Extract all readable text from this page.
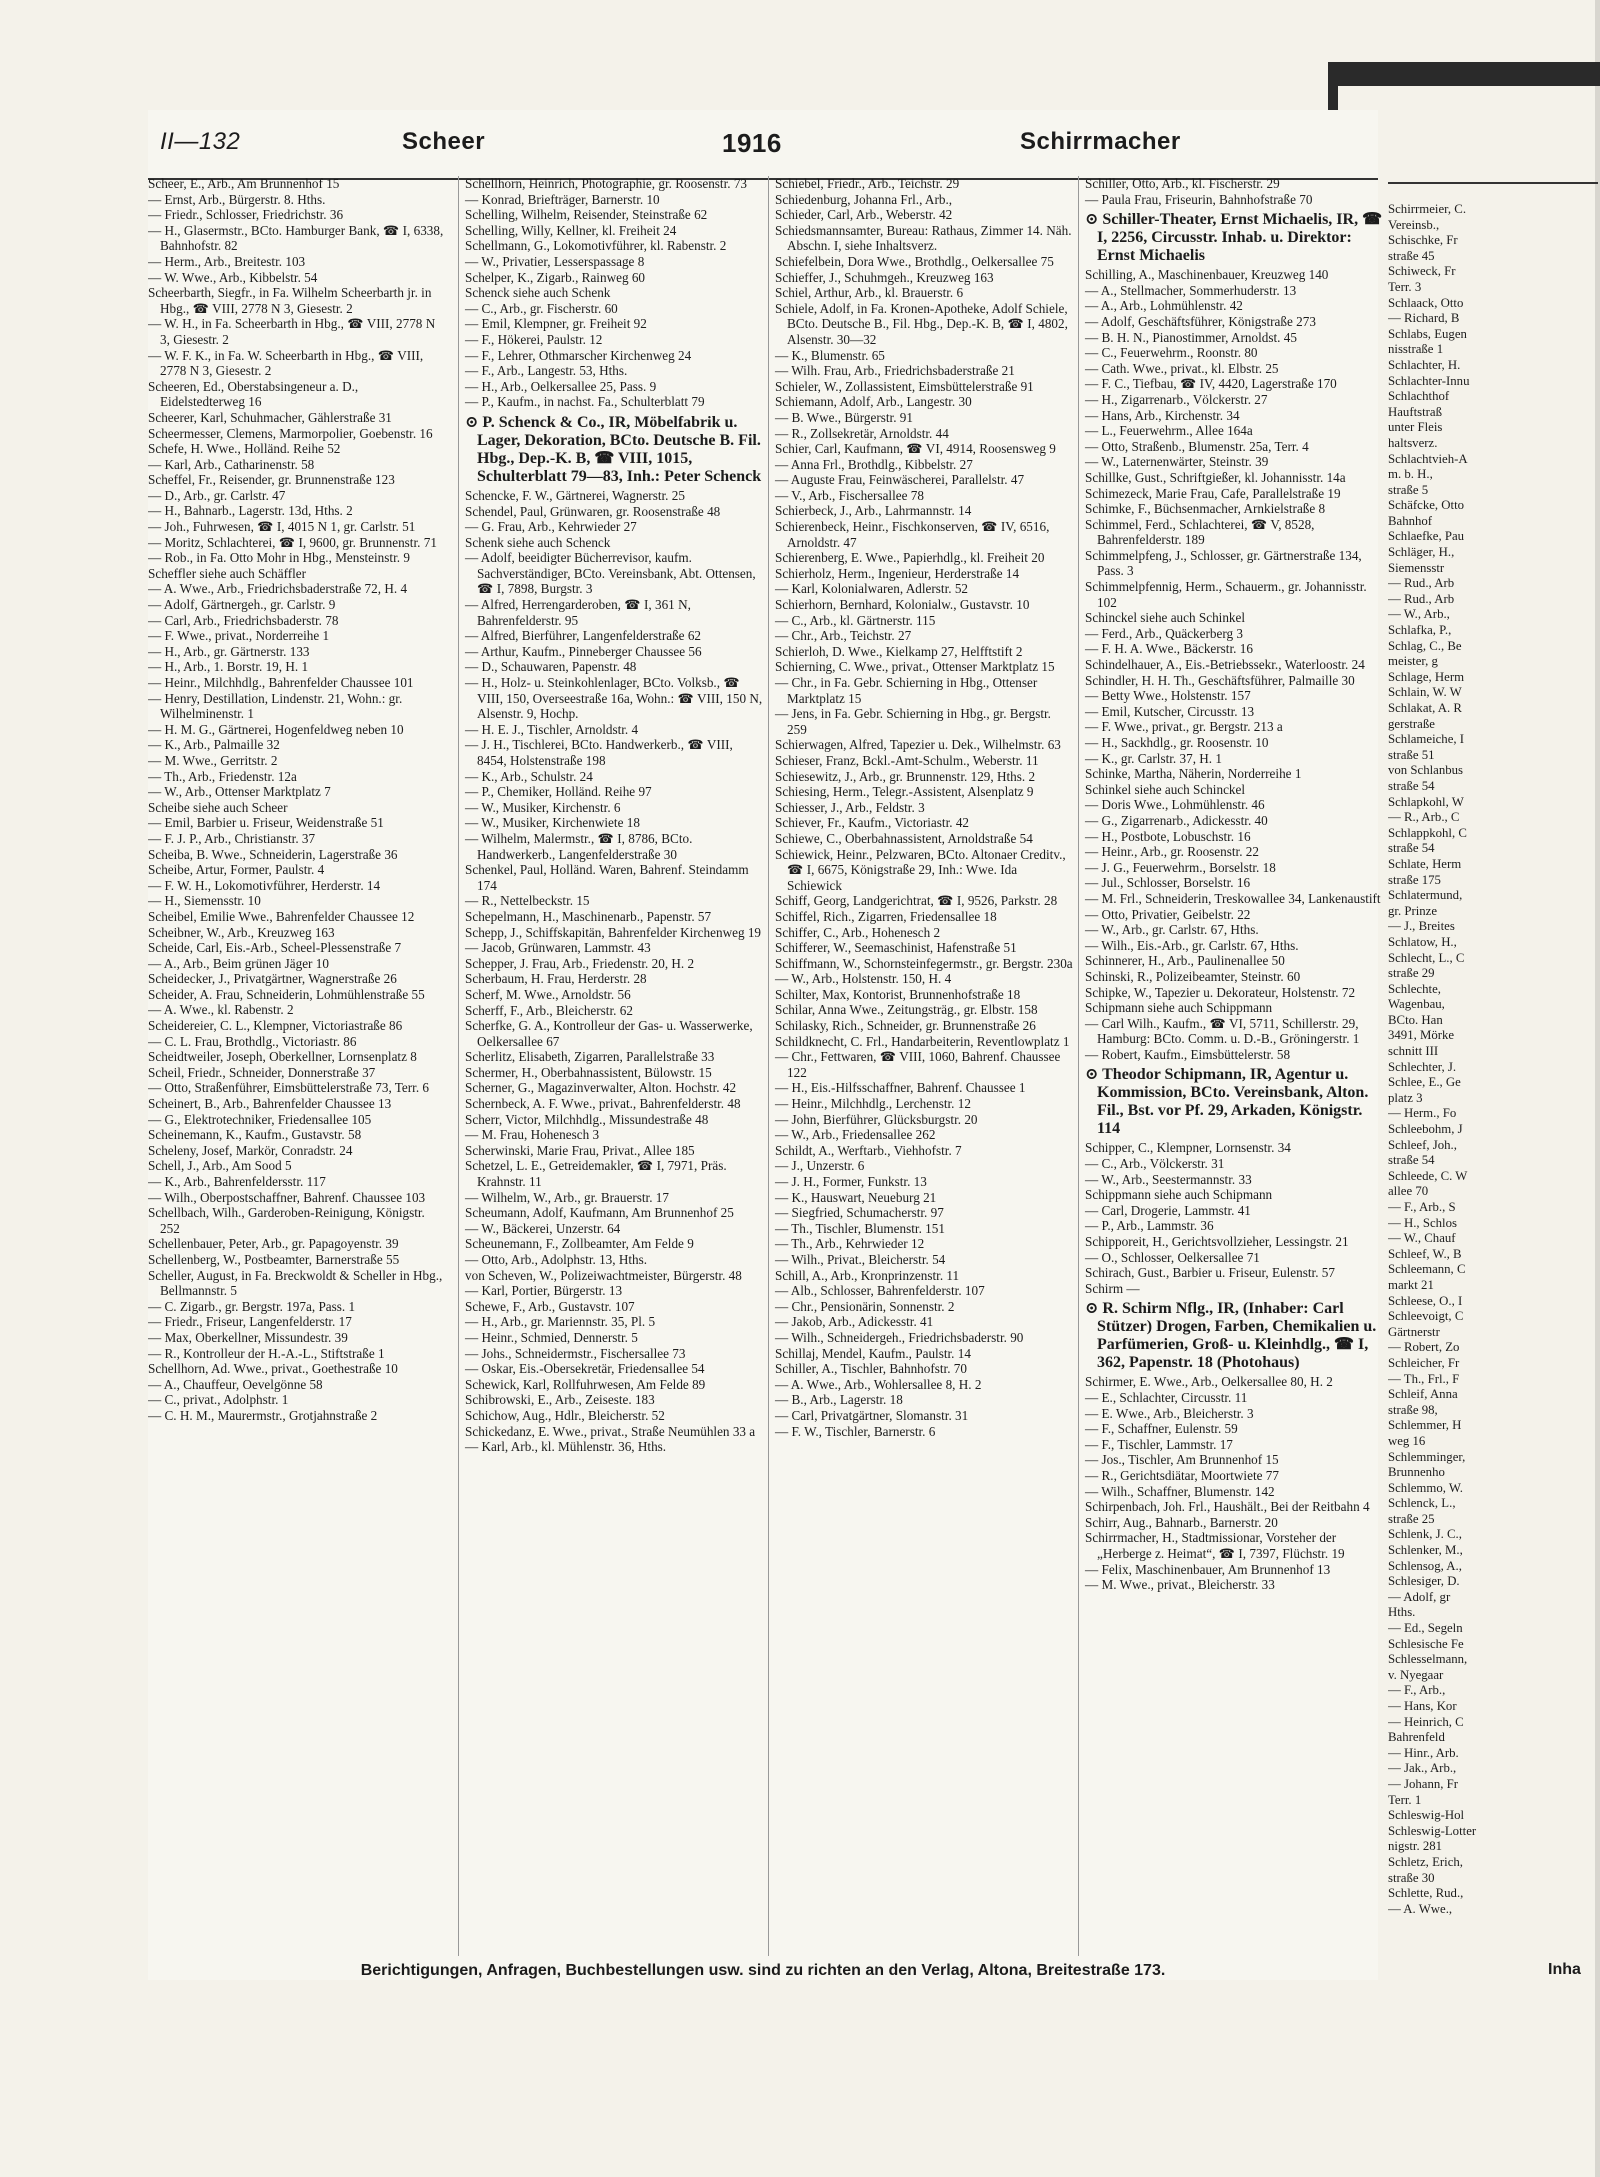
II—132	Scheer	1916	Schirrmacher
Scheer, E., Arb., Am Brunnenhof 15
— Ernst, Arb., Bürgerstr. 8. Hths.
— Friedr., Schlosser, Friedrichstr. 36
— H., Glasermstr., BCto. Hamburger Bank, ☎ I, 6338, Bahnhofstr. 82
— Herm., Arb., Breitestr. 103
— W. Wwe., Arb., Kibbelstr. 54
Scheerbarth, Siegfr., in Fa. Wilhelm Scheerbarth jr. in Hbg., ☎ VIII, 2778 N 3, Giesestr. 2
— W. H., in Fa. Scheerbarth in Hbg., ☎ VIII, 2778 N 3, Giesestr. 2
— W. F. K., in Fa. W. Scheerbarth in Hbg., ☎ VIII, 2778 N 3, Giesestr. 2
Scheeren, Ed., Oberstabsingeneur a. D., Eidelstedterweg 16
Scheerer, Karl, Schuhmacher, Gählerstraße 31
Scheermesser, Clemens, Marmorpolier, Goebenstr. 16
Schefe, H. Wwe., Holländ. Reihe 52
— Karl, Arb., Catharinenstr. 58
Scheffel, Fr., Reisender, gr. Brunnenstraße 123
— D., Arb., gr. Carlstr. 47
— H., Bahnarb., Lagerstr. 13d, Hths. 2
— Joh., Fuhrwesen, ☎ I, 4015 N 1, gr. Carlstr. 51
— Moritz, Schlachterei, ☎ I, 9600, gr. Brunnenstr. 71
— Rob., in Fa. Otto Mohr in Hbg., Mensteinstr. 9
Scheffler siehe auch Schäffler
— A. Wwe., Arb., Friedrichsbaderstraße 72, H. 4
— Adolf, Gärtnergeh., gr. Carlstr. 9
— Carl, Arb., Friedrichsbaderstr. 78
— F. Wwe., privat., Norderreihe 1
— H., Arb., gr. Gärtnerstr. 133
— H., Arb., 1. Borstr. 19, H. 1
— Heinr., Milchhdlg., Bahrenfelder Chaussee 101
— Henry, Destillation, Lindenstr. 21, Wohn.: gr. Wilhelminenstr. 1
— H. M. G., Gärtnerei, Hogenfeldweg neben 10
— K., Arb., Palmaille 32
— M. Wwe., Gerritstr. 2
— Th., Arb., Friedenstr. 12a
— W., Arb., Ottenser Marktplatz 7
Scheibe siehe auch Scheer
— Emil, Barbier u. Friseur, Weidenstraße 51
— F. J. P., Arb., Christianstr. 37
Scheiba, B. Wwe., Schneiderin, Lagerstraße 36
Scheibe, Artur, Former, Paulstr. 4
— F. W. H., Lokomotivführer, Herderstr. 14
— H., Siemensstr. 10
Scheibel, Emilie Wwe., Bahrenfelder Chaussee 12
Scheibner, W., Arb., Kreuzweg 163
Scheide, Carl, Eis.-Arb., Scheel-Plessenstraße 7
— A., Arb., Beim grünen Jäger 10
Scheidecker, J., Privatgärtner, Wagnerstraße 26
Scheider, A. Frau, Schneiderin, Lohmühlenstraße 55
— A. Wwe., kl. Rabenstr. 2
Scheidereier, C. L., Klempner, Victoriastraße 86
— C. L. Frau, Brothdlg., Victoriastr. 86
Scheidtweiler, Joseph, Oberkellner, Lornsenplatz 8
Scheil, Friedr., Schneider, Donnerstraße 37
— Otto, Straßenführer, Eimsbüttelerstraße 73, Terr. 6
Scheinert, B., Arb., Bahrenfelder Chaussee 13
— G., Elektrotechniker, Friedensallee 105
Scheinemann, K., Kaufm., Gustavstr. 58
Scheleny, Josef, Markör, Conradstr. 24
Schell, J., Arb., Am Sood 5
— K., Arb., Bahrenfeldersstr. 117
— Wilh., Oberpostschaffner, Bahrenf. Chaussee 103
Schellbach, Wilh., Garderoben-Reinigung, Königstr. 252
Schellenbauer, Peter, Arb., gr. Papagoyenstr. 39
Schellenberg, W., Postbeamter, Barnerstraße 55
Scheller, August, in Fa. Breckwoldt & Scheller in Hbg., Bellmannstr. 5
— C. Zigarb., gr. Bergstr. 197a, Pass. 1
— Friedr., Friseur, Langenfelderstr. 17
— Max, Oberkellner, Missundestr. 39
— R., Kontrolleur der H.-A.-L., Stiftstraße 1
Schellhorn, Ad. Wwe., privat., Goethestraße 10
— A., Chauffeur, Oevelgönne 58
— C., privat., Adolphstr. 1
— C. H. M., Maurermstr., Grotjahnstraße 2
Schellhorn, Heinrich, Photographie, gr. Roosenstr. 73
— Konrad, Briefträger, Barnerstr. 10
Schelling, Wilhelm, Reisender, Steinstraße 62
Schelling, Willy, Kellner, kl. Freiheit 24
Schellmann, G., Lokomotivführer, kl. Rabenstr. 2
— W., Privatier, Lesserspassage 8
Schelper, K., Zigarb., Rainweg 60
Schenck siehe auch Schenk
— C., Arb., gr. Fischerstr. 60
— Emil, Klempner, gr. Freiheit 92
— F., Hökerei, Paulstr. 12
— F., Lehrer, Othmarscher Kirchenweg 24
— F., Arb., Langestr. 53, Hths.
— H., Arb., Oelkersallee 25, Pass. 9
— P., Kaufm., in nachst. Fa., Schulterblatt 79
⊙ P. Schenck & Co., IR, Möbelfabrik u. Lager, Dekoration, BCto. Deutsche B. Fil. Hbg., Dep.-K. B, ☎ VIII, 1015, Schulterblatt 79—83, Inh.: Peter Schenck
Schencke, F. W., Gärtnerei, Wagnerstr. 25
Schendel, Paul, Grünwaren, gr. Roosenstraße 48
— G. Frau, Arb., Kehrwieder 27
Schenk siehe auch Schenck
— Adolf, beeidigter Bücherrevisor, kaufm. Sachverständiger, BCto. Vereinsbank, Abt. Ottensen, ☎ I, 7898, Burgstr. 3
— Alfred, Herrengarderoben, ☎ I, 361 N, Bahrenfelderstr. 95
— Alfred, Bierführer, Langenfelderstraße 62
— Arthur, Kaufm., Pinneberger Chaussee 56
— D., Schauwaren, Papenstr. 48
— H., Holz- u. Steinkohlenlager, BCto. Volksb., ☎ VIII, 150, Overseestraße 16a, Wohn.: ☎ VIII, 150 N, Alsenstr. 9, Hochp.
— H. E. J., Tischler, Arnoldstr. 4
— J. H., Tischlerei, BCto. Handwerkerb., ☎ VIII, 8454, Holstenstraße 198
— K., Arb., Schulstr. 24
— P., Chemiker, Holländ. Reihe 97
— W., Musiker, Kirchenstr. 6
— W., Musiker, Kirchenwiete 18
— Wilhelm, Malermstr., ☎ I, 8786, BCto. Handwerkerb., Langenfelderstraße 30
Schenkel, Paul, Holländ. Waren, Bahrenf. Steindamm 174
— R., Nettelbeckstr. 15
Schepelmann, H., Maschinenarb., Papenstr. 57
Schepp, J., Schiffskapitän, Bahrenfelder Kirchenweg 19
— Jacob, Grünwaren, Lammstr. 43
Schepper, J. Frau, Arb., Friedenstr. 20, H. 2
Scherbaum, H. Frau, Herderstr. 28
Scherf, M. Wwe., Arnoldstr. 56
Scherff, F., Arb., Bleicherstr. 62
Scherfke, G. A., Kontrolleur der Gas- u. Wasserwerke, Oelkersallee 67
Scherlitz, Elisabeth, Zigarren, Parallelstraße 33
Schermer, H., Oberbahnassistent, Bülowstr. 15
Scherner, G., Magazinverwalter, Alton. Hochstr. 42
Schernbeck, A. F. Wwe., privat., Bahrenfelderstr. 48
Scherr, Victor, Milchhdlg., Missundestraße 48
— M. Frau, Hohenesch 3
Scherwinski, Marie Frau, Privat., Allee 185
Schetzel, L. E., Getreidemakler, ☎ I, 7971, Präs. Krahnstr. 11
— Wilhelm, W., Arb., gr. Brauerstr. 17
Scheumann, Adolf, Kaufmann, Am Brunnenhof 25
— W., Bäckerei, Unzerstr. 64
Scheunemann, F., Zollbeamter, Am Felde 9
— Otto, Arb., Adolphstr. 13, Hths.
von Scheven, W., Polizeiwachtmeister, Bürgerstr. 48
— Karl, Portier, Bürgerstr. 13
Schewe, F., Arb., Gustavstr. 107
— H., Arb., gr. Mariennstr. 35, Pl. 5
— Heinr., Schmied, Dennerstr. 5
— Johs., Schneidermstr., Fischersallee 73
— Oskar, Eis.-Obersekretär, Friedensallee 54
Schewick, Karl, Rollfuhrwesen, Am Felde 89
Schibrowski, E., Arb., Zeiseste. 183
Schichow, Aug., Hdlr., Bleicherstr. 52
Schickedanz, E. Wwe., privat., Straße Neumühlen 33 a
— Karl, Arb., kl. Mühlenstr. 36, Hths.
Schiebel, Friedr., Arb., Teichstr. 29
Schiedenburg, Johanna Frl., Arb.,
Schieder, Carl, Arb., Weberstr. 42
Schiedsmannsamter, Bureau: Rathaus, Zimmer 14. Näh. Abschn. I, siehe Inhaltsverz.
Schiefelbein, Dora Wwe., Brothdlg., Oelkersallee 75
Schieffer, J., Schuhmgeh., Kreuzweg 163
Schiel, Arthur, Arb., kl. Brauerstr. 6
Schiele, Adolf, in Fa. Kronen-Apotheke, Adolf Schiele, BCto. Deutsche B., Fil. Hbg., Dep.-K. B, ☎ I, 4802, Alsenstr. 30—32
— K., Blumenstr. 65
— Wilh. Frau, Arb., Friedrichsbaderstraße 21
Schieler, W., Zollassistent, Eimsbüttelerstraße 91
Schiemann, Adolf, Arb., Langestr. 30
— B. Wwe., Bürgerstr. 91
— R., Zollsekretär, Arnoldstr. 44
Schier, Carl, Kaufmann, ☎ VI, 4914, Roosensweg 9
— Anna Frl., Brothdlg., Kibbelstr. 27
— Auguste Frau, Feinwäscherei, Parallelstr. 47
— V., Arb., Fischersallee 78
Schierbeck, J., Arb., Lahrmannstr. 14
Schierenbeck, Heinr., Fischkonserven, ☎ IV, 6516, Arnoldstr. 47
Schierenberg, E. Wwe., Papierhdlg., kl. Freiheit 20
Schierholz, Herm., Ingenieur, Herderstraße 14
— Karl, Kolonialwaren, Adlerstr. 52
Schierhorn, Bernhard, Kolonialw., Gustavstr. 10
— C., Arb., kl. Gärtnerstr. 115
— Chr., Arb., Teichstr. 27
Schierloh, D. Wwe., Kielkamp 27, Helfftstift 2
Schierning, C. Wwe., privat., Ottenser Marktplatz 15
— Chr., in Fa. Gebr. Schierning in Hbg., Ottenser Marktplatz 15
— Jens, in Fa. Gebr. Schierning in Hbg., gr. Bergstr. 259
Schierwagen, Alfred, Tapezier u. Dek., Wilhelmstr. 63
Schieser, Franz, Bckl.-Amt-Schulm., Weberstr. 11
Schiesewitz, J., Arb., gr. Brunnenstr. 129, Hths. 2
Schiesing, Herm., Telegr.-Assistent, Alsenplatz 9
Schiesser, J., Arb., Feldstr. 3
Schiever, Fr., Kaufm., Victoriastr. 42
Schiewe, C., Oberbahnassistent, Arnoldstraße 54
Schiewick, Heinr., Pelzwaren, BCto. Altonaer Creditv., ☎ I, 6675, Königstraße 29, Inh.: Wwe. Ida Schiewick
Schiff, Georg, Landgerichtrat, ☎ I, 9526, Parkstr. 28
Schiffel, Rich., Zigarren, Friedensallee 18
Schiffer, C., Arb., Hohenesch 2
Schifferer, W., Seemaschinist, Hafenstraße 51
Schiffmann, W., Schornsteinfegermstr., gr. Bergstr. 230a
— W., Arb., Holstenstr. 150, H. 4
Schilter, Max, Kontorist, Brunnenhofstraße 18
Schilar, Anna Wwe., Zeitungsträg., gr. Elbstr. 158
Schilasky, Rich., Schneider, gr. Brunnenstraße 26
Schildknecht, C. Frl., Handarbeiterin, Reventlowplatz 1
— Chr., Fettwaren, ☎ VIII, 1060, Bahrenf. Chaussee 122
— H., Eis.-Hilfsschaffner, Bahrenf. Chaussee 1
— Heinr., Milchhdlg., Lerchenstr. 12
— John, Bierführer, Glücksburgstr. 20
— W., Arb., Friedensallee 262
Schildt, A., Werftarb., Viehhofstr. 7
— J., Unzerstr. 6
— J. H., Former, Funkstr. 13
— K., Hauswart, Neueburg 21
— Siegfried, Schumacherstr. 97
— Th., Tischler, Blumenstr. 151
— Th., Arb., Kehrwieder 12
— Wilh., Privat., Bleicherstr. 54
Schill, A., Arb., Kronprinzenstr. 11
— Alb., Schlosser, Bahrenfelderstr. 107
— Chr., Pensionärin, Sonnenstr. 2
— Jakob, Arb., Adickesstr. 41
— Wilh., Schneidergeh., Friedrichsbaderstr. 90
Schillaj, Mendel, Kaufm., Paulstr. 14
Schiller, A., Tischler, Bahnhofstr. 70
— A. Wwe., Arb., Wohlersallee 8, H. 2
— B., Arb., Lagerstr. 18
— Carl, Privatgärtner, Slomanstr. 31
— F. W., Tischler, Barnerstr. 6
Schiller, Otto, Arb., kl. Fischerstr. 29
— Paula Frau, Friseurin, Bahnhofstraße 70
⊙ Schiller-Theater, Ernst Michaelis, IR, ☎ I, 2256, Circusstr. Inhab. u. Direktor: Ernst Michaelis
Schilling, A., Maschinenbauer, Kreuzweg 140
— A., Stellmacher, Sommerhuderstr. 13
— A., Arb., Lohmühlenstr. 42
— Adolf, Geschäftsführer, Königstraße 273
— B. H. N., Pianostimmer, Arnoldst. 45
— C., Feuerwehrm., Roonstr. 80
— Cath. Wwe., privat., kl. Elbstr. 25
— F. C., Tiefbau, ☎ IV, 4420, Lagerstraße 170
— H., Zigarrenarb., Völckerstr. 27
— Hans, Arb., Kirchenstr. 34
— L., Feuerwehrm., Allee 164a
— Otto, Straßenb., Blumenstr. 25a, Terr. 4
— W., Laternenwärter, Steinstr. 39
Schillke, Gust., Schriftgießer, kl. Johannisstr. 14a
Schimezeck, Marie Frau, Cafe, Parallelstraße 19
Schimke, F., Büchsenmacher, Arnkielstraße 8
Schimmel, Ferd., Schlachterei, ☎ V, 8528, Bahrenfelderstr. 189
Schimmelpfeng, J., Schlosser, gr. Gärtnerstraße 134, Pass. 3
Schimmelpfennig, Herm., Schauerm., gr. Johannisstr. 102
Schinckel siehe auch Schinkel
— Ferd., Arb., Quäckerberg 3
— F. H. A. Wwe., Bäckerstr. 16
Schindelhauer, A., Eis.-Betriebssekr., Waterloostr. 24
Schindler, H. H. Th., Geschäftsführer, Palmaille 30
— Betty Wwe., Holstenstr. 157
— Emil, Kutscher, Circusstr. 13
— F. Wwe., privat., gr. Bergstr. 213 a
— H., Sackhdlg., gr. Roosenstr. 10
— K., gr. Carlstr. 37, H. 1
Schinke, Martha, Näherin, Norderreihe 1
Schinkel siehe auch Schinckel
— Doris Wwe., Lohmühlenstr. 46
— G., Zigarrenarb., Adickesstr. 40
— H., Postbote, Lobuschstr. 16
— Heinr., Arb., gr. Roosenstr. 22
— J. G., Feuerwehrm., Borselstr. 18
— Jul., Schlosser, Borselstr. 16
— M. Frl., Schneiderin, Treskowallee 34, Lankenaustift
— Otto, Privatier, Geibelstr. 22
— W., Arb., gr. Carlstr. 67, Hths.
— Wilh., Eis.-Arb., gr. Carlstr. 67, Hths.
Schinnerer, H., Arb., Paulinenallee 50
Schinski, R., Polizeibeamter, Steinstr. 60
Schipke, W., Tapezier u. Dekorateur, Holstenstr. 72
Schipmann siehe auch Schippmann
— Carl Wilh., Kaufm., ☎ VI, 5711, Schillerstr. 29, Hamburg: BCto. Comm. u. D.-B., Gröningerstr. 1
— Robert, Kaufm., Eimsbüttelerstr. 58
⊙ Theodor Schipmann, IR, Agentur u. Kommission, BCto. Vereinsbank, Alton. Fil., Bst. vor Pf. 29, Arkaden, Königstr. 114
Schipper, C., Klempner, Lornsenstr. 34
— C., Arb., Völckerstr. 31
— W., Arb., Seestermannstr. 33
Schippmann siehe auch Schipmann
— Carl, Drogerie, Lammstr. 41
— P., Arb., Lammstr. 36
Schipporeit, H., Gerichtsvollzieher, Lessingstr. 21
— O., Schlosser, Oelkersallee 71
Schirach, Gust., Barbier u. Friseur, Eulenstr. 57
Schirm —
⊙ R. Schirm Nflg., IR, (Inhaber: Carl Stützer) Drogen, Farben, Chemikalien u. Parfümerien, Groß- u. Kleinhdlg., ☎ I, 362, Papenstr. 18 (Photohaus)
Schirmer, E. Wwe., Arb., Oelkersallee 80, H. 2
— E., Schlachter, Circusstr. 11
— E. Wwe., Arb., Bleicherstr. 3
— F., Schaffner, Eulenstr. 59
— F., Tischler, Lammstr. 17
— Jos., Tischler, Am Brunnenhof 15
— R., Gerichtsdiätar, Moortwiete 77
— Wilh., Schaffner, Blumenstr. 142
Schirpenbach, Joh. Frl., Haushält., Bei der Reitbahn 4
Schirr, Aug., Bahnarb., Barnerstr. 20
Schirrmacher, H., Stadtmissionar, Vorsteher der „Herberge z. Heimat“, ☎ I, 7397, Flüchstr. 19
— Felix, Maschinenbauer, Am Brunnenhof 13
— M. Wwe., privat., Bleicherstr. 33
Berichtigungen, Anfragen, Buchbestellungen usw. sind zu richten an den Verlag, Altona, Breitestraße 173.
Schirrmeier, C.
Vereinsb.,
Schischke, Fr
straße 45
Schiweck, Fr
Terr. 3
Schlaack, Otto
— Richard, B
Schlabs, Eugen
nisstraße 1
Schlachter, H.
Schlachter-Innu
Schlachthof
Hauftstraß
unter Fleis
haltsverz.
Schlachtvieh-A
m. b. H.,
straße 5
Schäfcke, Otto
Bahnhof
Schlaefke, Pau
Schläger, H.,
Siemensstr
— Rud., Arb
— Rud., Arb
— W., Arb.,
Schlafka, P.,
Schlag, C., Be
meister, g
Schlage, Herm
Schlain, W. W
Schlakat, A. R
gerstraße
Schlameiche, I
straße 51
von Schlanbus
straße 54
Schlapkohl, W
— R., Arb., C
Schlappkohl, C
straße 54
Schlate, Herm
straße 175
Schlatermund,
gr. Prinze
— J., Breites
Schlatow, H.,
Schlecht, L., C
straße 29
Schlechte,
Wagenbau,
BCto. Han
3491, Mörke
schnitt III
Schlechter, J.
Schlee, E., Ge
platz 3
— Herm., Fo
Schleebohm, J
Schleef, Joh.,
straße 54
Schleede, C. W
allee 70
— F., Arb., S
— H., Schlos
— W., Chauf
Schleef, W., B
Schleemann, C
markt 21
Schleese, O., I
Schleevoigt, C
Gärtnerstr
— Robert, Zo
Schleicher, Fr
— Th., Frl., F
Schleif, Anna
straße 98,
Schlemmer, H
weg 16
Schlemminger,
Brunnenho
Schlemmo, W.
Schlenck, L.,
straße 25
Schlenk, J. C.,
Schlenker, M.,
Schlensog, A.,
Schlesiger, D.
— Adolf, gr
Hths.
— Ed., Segeln
Schlesische Fe
Schlesselmann,
v. Nyegaar
— F., Arb.,
— Hans, Kor
— Heinrich, C
Bahrenfeld
— Hinr., Arb.
— Jak., Arb.,
— Johann, Fr
Terr. 1
Schleswig-Hol
Schleswig-Lotter
nigstr. 281
Schletz, Erich,
straße 30
Schlette, Rud.,
— A. Wwe.,
Inha
